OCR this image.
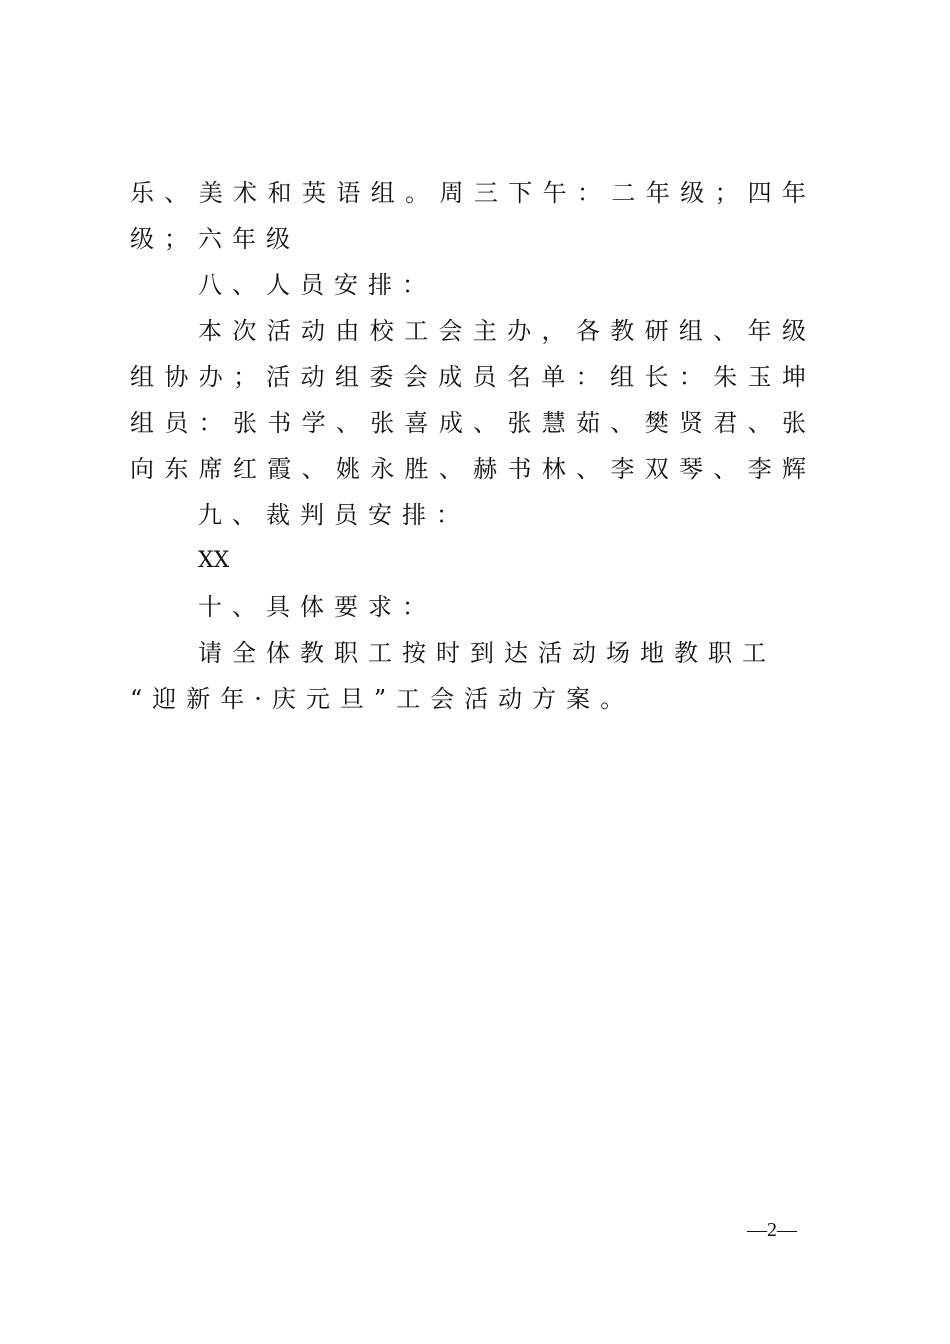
乐 、 美 术 和 英 语 组 。 周 三 下 午 ： 二 年 级 ； 四 年
级；六年级
八、人员安排：
本 次 活 动 由 校 工 会 主 办 ， 各 教 研 组 、 年 级
组 协 办 ； 活 动 组 委 会 成 员 名 单 ： 组 长 ： 朱 玉 坤
组 员 ： 张 书 学 、 张 喜 成 、 张 慧 茹 、 樊 贤 君 、 张
向 东 席 红 霞 、 姚 永 胜 、 赫 书 林 、 李 双 琴 、 李 辉
九、裁判员安排：
XX
十、具体要求：
请全体教职工按时到达活动场地教职工
“迎新年·庆元旦”工会活动方案。
—2—
